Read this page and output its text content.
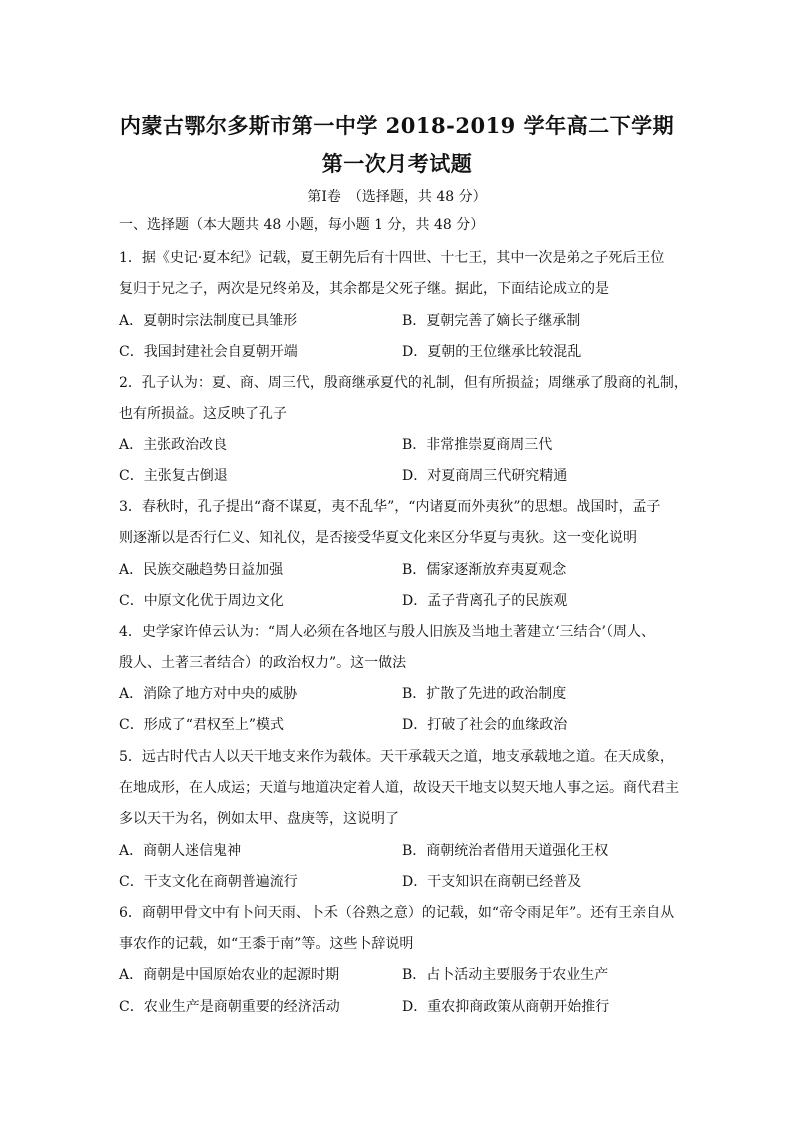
内蒙古鄂尔多斯市第一中学 2018-2019 学年高二下学期
第一次月考试题
第Ⅰ卷　（选择题，共 48 分）
一、选择题（本大题共 48 小题，每小题 1 分，共 48 分）
1．据《史记·夏本纪》记载，夏王朝先后有十四世、十七王，其中一次是弟之子死后王位
复归于兄之子，两次是兄终弟及，其余都是父死子继。据此，下面结论成立的是
A．夏朝时宗法制度已具雏形	B．夏朝完善了嫡长子继承制
C．我国封建社会自夏朝开端	D．夏朝的王位继承比较混乱
2．孔子认为：夏、商、周三代，殷商继承夏代的礼制，但有所损益；周继承了殷商的礼制，
也有所损益。这反映了孔子
A．主张政治改良	B．非常推崇夏商周三代
C．主张复古倒退	D．对夏商周三代研究精通
3．春秋时，孔子提出“裔不谋夏，夷不乱华”，“内诸夏而外夷狄”的思想。战国时，孟子
则逐渐以是否行仁义、知礼仪，是否接受华夏文化来区分华夏与夷狄。这一变化说明
A．民族交融趋势日益加强	B．儒家逐渐放弃夷夏观念
C．中原文化优于周边文化	D．孟子背离孔子的民族观
4．史学家许倬云认为：“周人必须在各地区与殷人旧族及当地土著建立‘三结合’（周人、
殷人、土著三者结合）的政治权力”。这一做法
A．消除了地方对中央的威胁	B．扩散了先进的政治制度
C．形成了“君权至上”模式	D．打破了社会的血缘政治
5．远古时代古人以天干地支来作为载体。天干承载天之道，地支承载地之道。在天成象，
在地成形，在人成运；天道与地道决定着人道，故设天干地支以契天地人事之运。商代君主
多以天干为名，例如太甲、盘庚等，这说明了
A．商朝人迷信鬼神	B．商朝统治者借用天道强化王权
C．干支文化在商朝普遍流行	D．干支知识在商朝已经普及
6．商朝甲骨文中有卜问天雨、卜禾（谷熟之意）的记载，如“帝令雨足年”。还有王亲自从
事农作的记载，如“王黍于南”等。这些卜辞说明
A．商朝是中国原始农业的起源时期	B．占卜活动主要服务于农业生产
C．农业生产是商朝重要的经济活动	D．重农抑商政策从商朝开始推行
